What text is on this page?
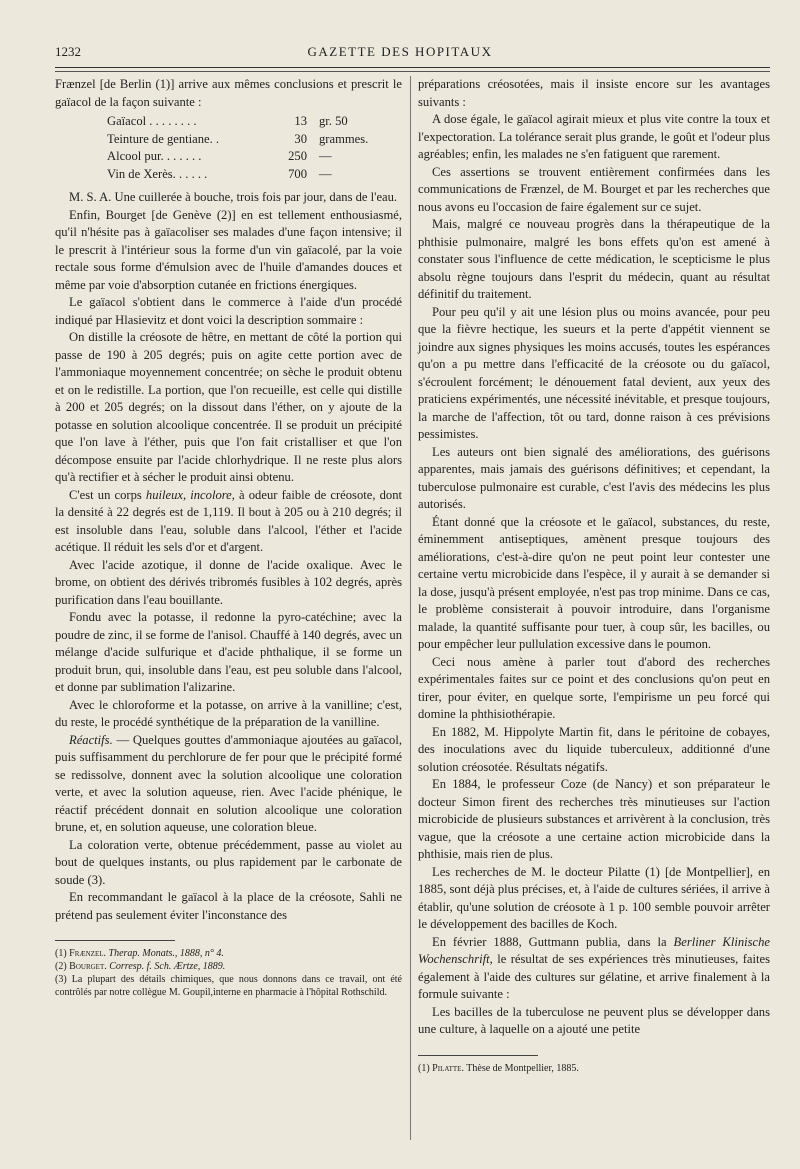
1232	GAZETTE DES HOPITAUX

Frænzel [de Berlin (1)] arrive aux mêmes conclusions et prescrit le gaïacol de la façon suivante :

Gaïacol . . . . . . . .	13 gr. 50
Teinture de gentiane. .	30 grammes.
Alcool pur. . . . . . .	250 —
Vin de Xerès. . . . . .	700 —

M. S. A. Une cuillerée à bouche, trois fois par jour, dans de l'eau.

Enfin, Bourget [de Genève (2)] en est tellement enthousiasmé, qu'il n'hésite pas à gaïacoliser ses malades d'une façon intensive; il le prescrit à l'intérieur sous la forme d'un vin gaïacolé, par la voie rectale sous forme d'émulsion avec de l'huile d'amandes douces et même par voie d'absorption cutanée en frictions énergiques.

Le gaïacol s'obtient dans le commerce à l'aide d'un procédé indiqué par Hlasievitz et dont voici la description sommaire :

On distille la créosote de hêtre, en mettant de côté la portion qui passe de 190 à 205 degrés; puis on agite cette portion avec de l'ammoniaque moyennement concentrée; on sèche le produit obtenu et on le redistille. La portion, que l'on recueille, est celle qui distille à 200 et 205 degrés; on la dissout dans l'éther, on y ajoute de la potasse en solution alcoolique concentrée. Il se produit un précipité que l'on lave à l'éther, puis que l'on fait cristalliser et que l'on décompose ensuite par l'acide chlorhydrique. Il ne reste plus alors qu'à rectifier et à sécher le produit ainsi obtenu.

C'est un corps huileux, incolore, à odeur faible de créosote, dont la densité à 22 degrés est de 1,119. Il bout à 205 ou à 210 degrés; il est insoluble dans l'eau, soluble dans l'alcool, l'éther et l'acide acétique. Il réduit les sels d'or et d'argent.

Avec l'acide azotique, il donne de l'acide oxalique. Avec le brome, on obtient des dérivés tribromés fusibles à 102 degrés, après purification dans l'eau bouillante.

Fondu avec la potasse, il redonne la pyro-catéchine; avec la poudre de zinc, il se forme de l'anisol. Chauffé à 140 degrés, avec un mélange d'acide sulfurique et d'acide phthalique, il se forme un produit brun, qui, insoluble dans l'eau, est peu soluble dans l'alcool, et donne par sublimation l'alizarine.

Avec le chloroforme et la potasse, on arrive à la vanilline; c'est, du reste, le procédé synthétique de la préparation de la vanilline.

Réactifs. — Quelques gouttes d'ammoniaque ajoutées au gaïacol, puis suffisamment du perchlorure de fer pour que le précipité formé se redissolve, donnent avec la solution alcoolique une coloration verte, et avec la solution aqueuse, rien. Avec l'acide phénique, le réactif précédent donnait en solution alcoolique une coloration brune, et, en solution aqueuse, une coloration bleue.

La coloration verte, obtenue précédemment, passe au violet au bout de quelques instants, ou plus rapidement par le carbonate de soude (3).

En recommandant le gaïacol à la place de la créosote, Sahli ne prétend pas seulement éviter l'inconstance des

(1) Frænzel. Therap. Monats., 1888, n° 4.

(2) Bourget. Corresp. f. Sch. Ærtze, 1889.

(3) La plupart des détails chimiques, que nous donnons dans ce travail, ont été contrôlés par notre collègue M. Goupil,interne en pharmacie à l'hôpital Rothschild.

préparations créosotées, mais il insiste encore sur les avantages suivants :

A dose égale, le gaïacol agirait mieux et plus vite contre la toux et l'expectoration. La tolérance serait plus grande, le goût et l'odeur plus agréables; enfin, les malades ne s'en fatiguent que rarement.

Ces assertions se trouvent entièrement confirmées dans les communications de Frænzel, de M. Bourget et par les recherches que nous avons eu l'occasion de faire également sur ce sujet.

Mais, malgré ce nouveau progrès dans la thérapeutique de la phthisie pulmonaire, malgré les bons effets qu'on est amené à constater sous l'influence de cette médication, le scepticisme le plus absolu règne toujours dans l'esprit du médecin, quant au résultat définitif du traitement.

Pour peu qu'il y ait une lésion plus ou moins avancée, pour peu que la fièvre hectique, les sueurs et la perte d'appétit viennent se joindre aux signes physiques les moins accusés, toutes les espérances qu'on a pu mettre dans l'efficacité de la créosote ou du gaïacol, s'écroulent forcément; le dénouement fatal devient, aux yeux des praticiens expérimentés, une nécessité inévitable, et presque toujours, la marche de l'affection, tôt ou tard, donne raison à ces prévisions pessimistes.

Les auteurs ont bien signalé des améliorations, des guérisons apparentes, mais jamais des guérisons définitives; et cependant, la tuberculose pulmonaire est curable, c'est l'avis des médecins les plus autorisés.

Étant donné que la créosote et le gaïacol, substances, du reste, éminemment antiseptiques, amènent presque toujours des améliorations, c'est-à-dire qu'on ne peut point leur contester une certaine vertu microbicide dans l'espèce, il y aurait à se demander si la dose, jusqu'à présent employée, n'est pas trop minime. Dans ce cas, le problème consisterait à pouvoir introduire, dans l'organisme malade, la quantité suffisante pour tuer, à coup sûr, les bacilles, ou pour empêcher leur pullulation excessive dans le poumon.

Ceci nous amène à parler tout d'abord des recherches expérimentales faites sur ce point et des conclusions qu'on peut en tirer, pour éviter, en quelque sorte, l'empirisme un peu forcé qui domine la phthisiothérapie.

En 1882, M. Hippolyte Martin fit, dans le péritoine de cobayes, des inoculations avec du liquide tuberculeux, additionné d'une solution créosotée. Résultats négatifs.

En 1884, le professeur Coze (de Nancy) et son préparateur le docteur Simon firent des recherches très minutieuses sur l'action microbicide de plusieurs substances et arrivèrent à la conclusion, très vague, que la créosote a une certaine action microbicide dans la phthisie, mais rien de plus.

Les recherches de M. le docteur Pilatte (1) [de Montpellier], en 1885, sont déjà plus précises, et, à l'aide de cultures sériées, il arrive à établir, qu'une solution de créosote à 1 p. 100 semble pouvoir arrêter le développement des bacilles de Koch.

En février 1888, Guttmann publia, dans la Berliner Klinische Wochenschrift, le résultat de ses expériences très minutieuses, faites également à l'aide des cultures sur gélatine, et arrive finalement à la formule suivante :

Les bacilles de la tuberculose ne peuvent plus se développer dans une culture, à laquelle on a ajouté une petite

(1) Pilatte. Thèse de Montpellier, 1885.
